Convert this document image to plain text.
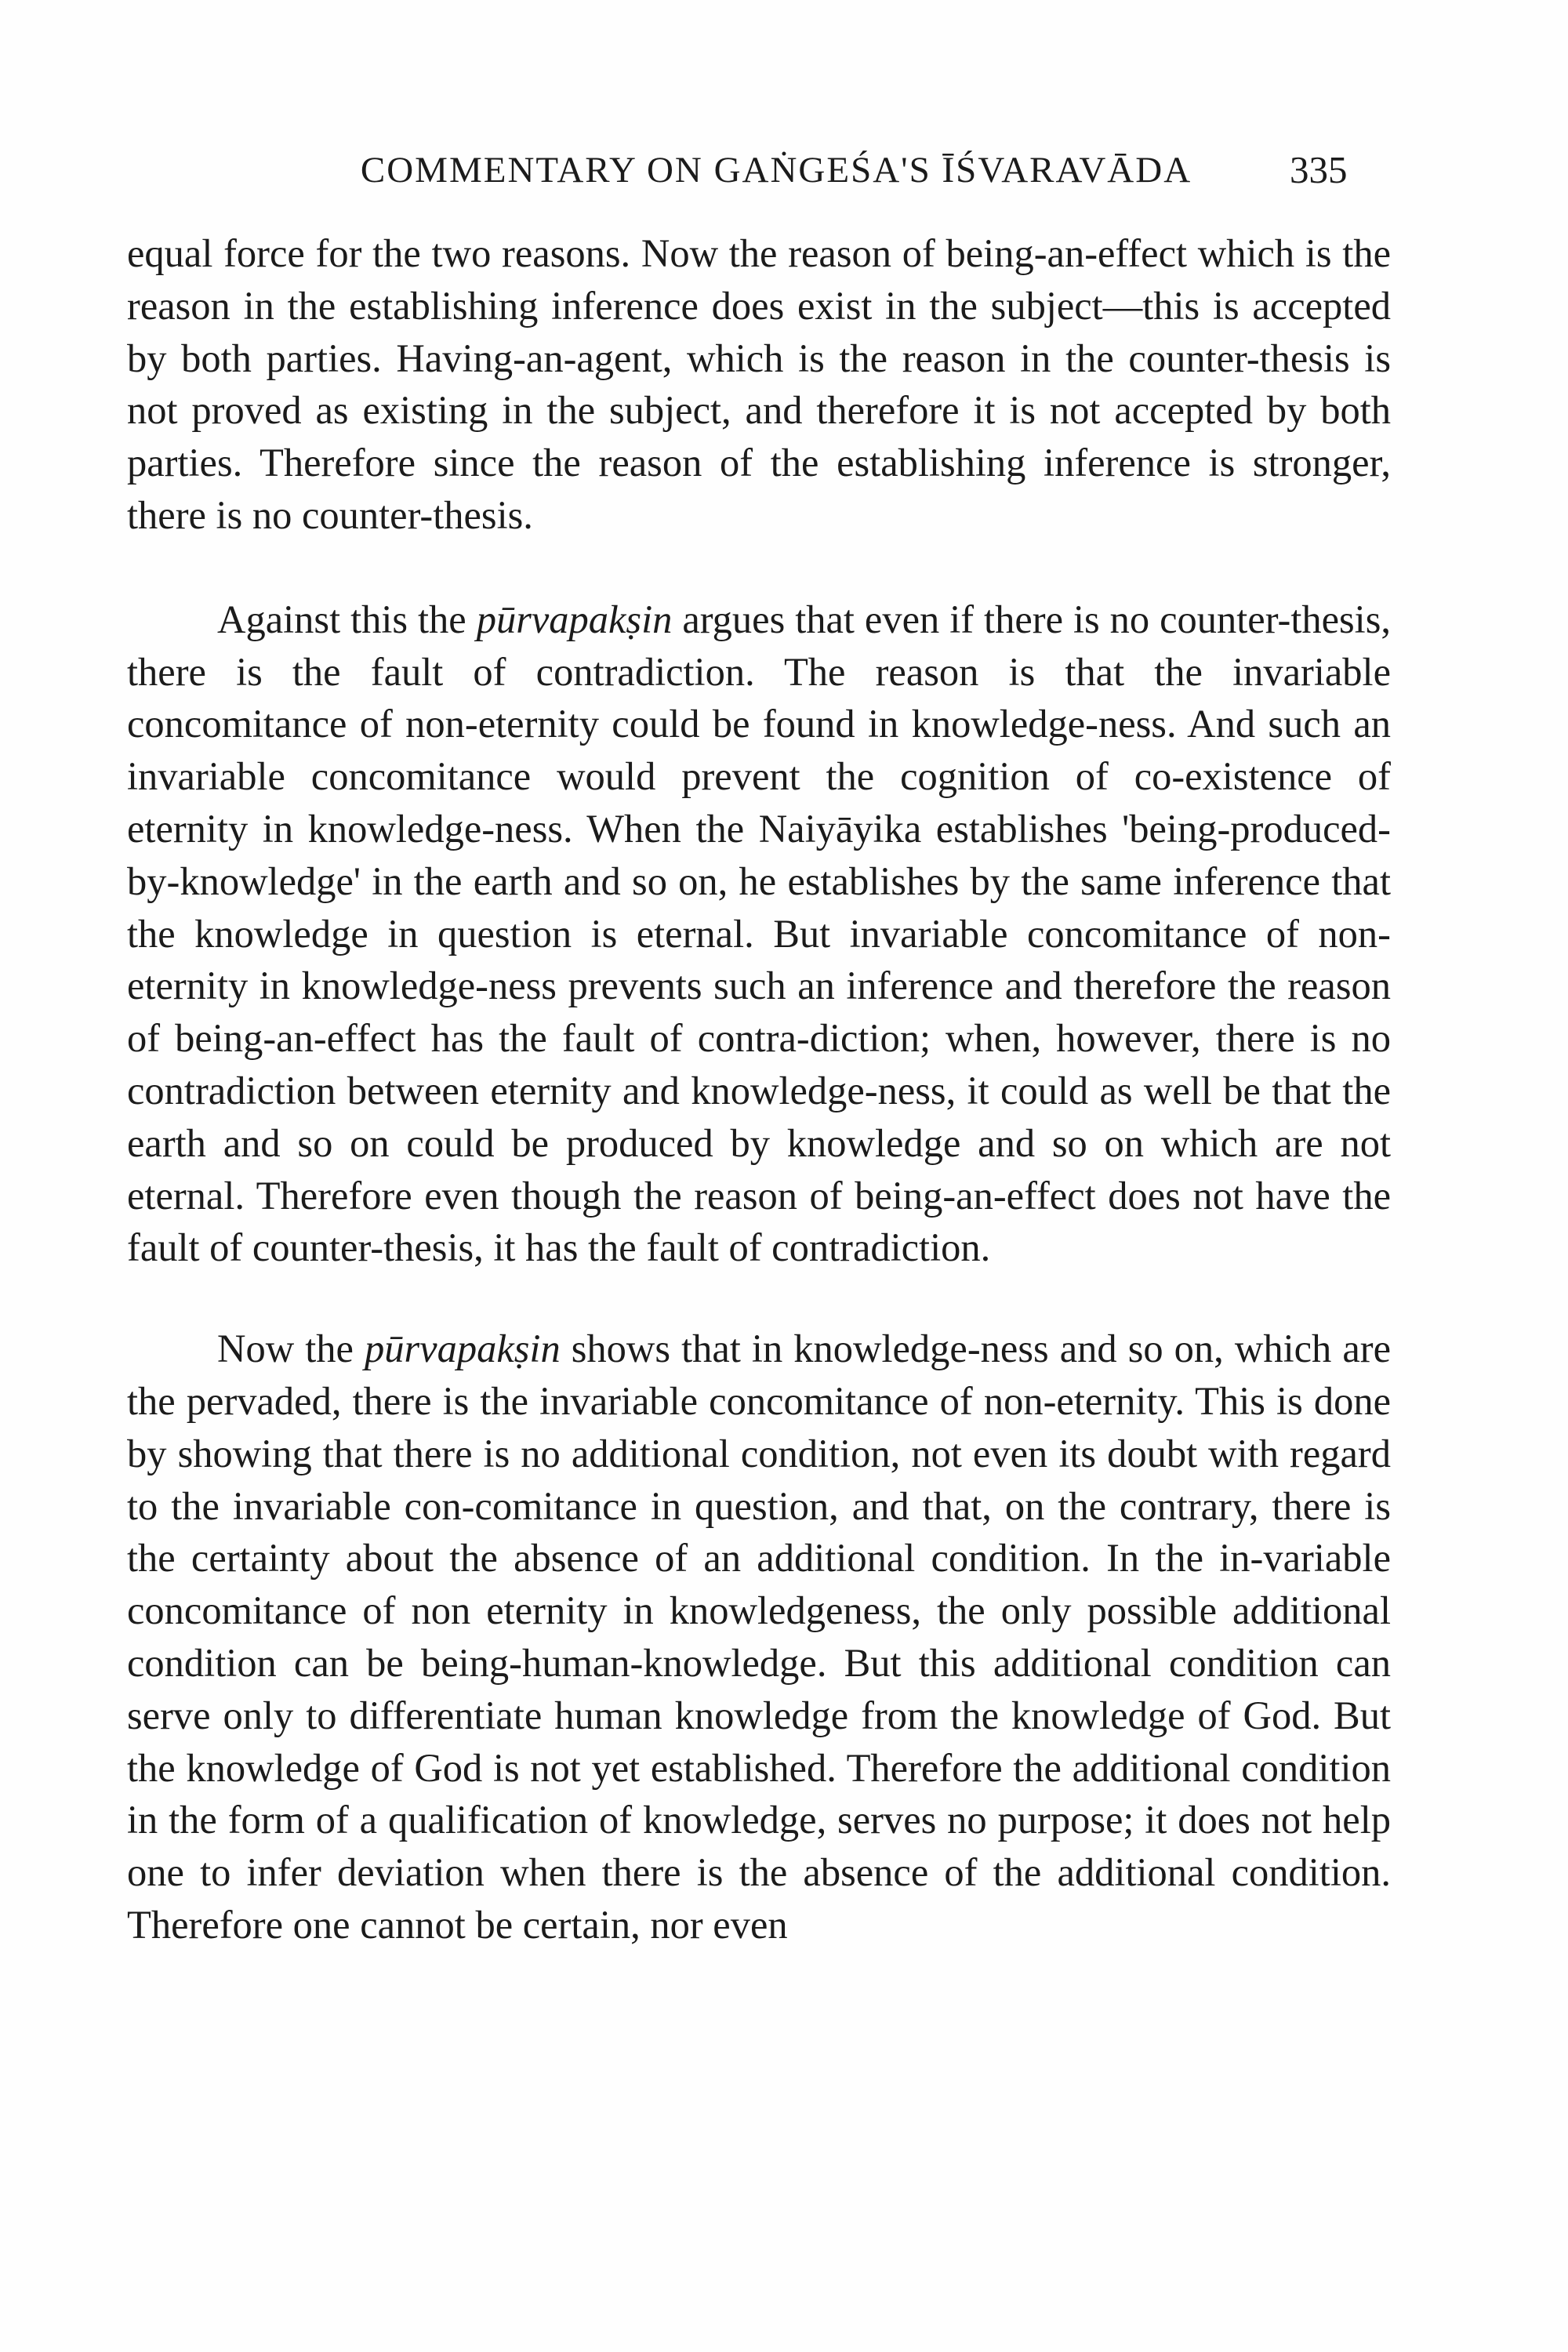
COMMENTARY ON GAṄGEŚA'S ĪŚVARAVĀDA	335

equal force for the two reasons. Now the reason of being-an-effect which is the reason in the establishing inference does exist in the subject—this is accepted by both parties. Having-an-agent, which is the reason in the counter-thesis is not proved as existing in the subject, and therefore it is not accepted by both parties. Therefore since the reason of the establishing inference is stronger, there is no counter-thesis.

Against this the pūrvapakṣin argues that even if there is no counter-thesis, there is the fault of contradiction. The reason is that the invariable concomitance of non-eternity could be found in knowledge-ness. And such an invariable concomitance would prevent the cognition of co-existence of eternity in knowledge-ness. When the Naiyāyika establishes 'being-produced-by-knowledge' in the earth and so on, he establishes by the same inference that the knowledge in question is eternal. But invariable concomitance of non-eternity in knowledge-ness prevents such an inference and therefore the reason of being-an-effect has the fault of contra-diction; when, however, there is no contradiction between eternity and knowledge-ness, it could as well be that the earth and so on could be produced by knowledge and so on which are not eternal. Therefore even though the reason of being-an-effect does not have the fault of counter-thesis, it has the fault of contradiction.

Now the pūrvapakṣin shows that in knowledge-ness and so on, which are the pervaded, there is the invariable concomitance of non-eternity. This is done by showing that there is no additional condition, not even its doubt with regard to the invariable con-comitance in question, and that, on the contrary, there is the certainty about the absence of an additional condition. In the in-variable concomitance of non eternity in knowledgeness, the only possible additional condition can be being-human-knowledge. But this additional condition can serve only to differentiate human knowledge from the knowledge of God. But the knowledge of God is not yet established. Therefore the additional condition in the form of a qualification of knowledge, serves no purpose; it does not help one to infer deviation when there is the absence of the additional condition. Therefore one cannot be certain, nor even
